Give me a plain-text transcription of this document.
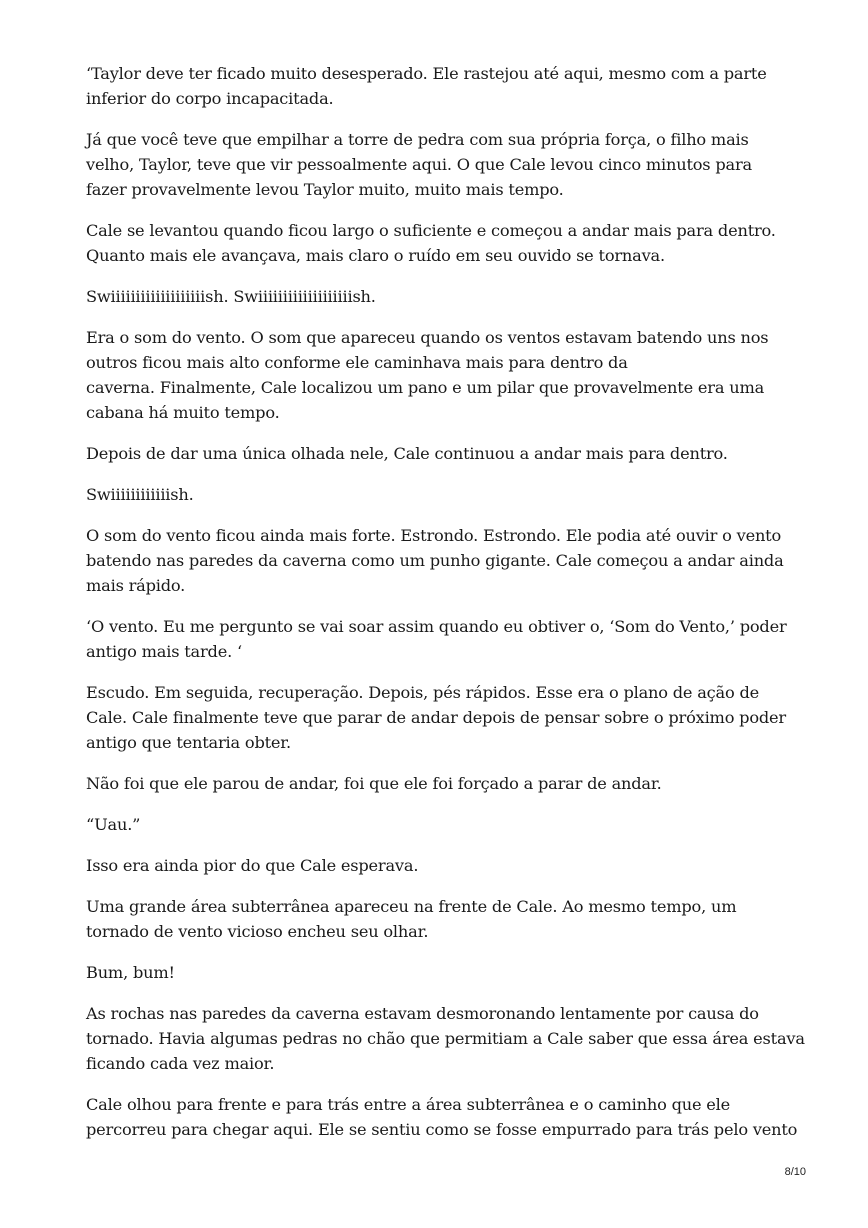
‘Taylor deve ter ficado muito desesperado. Ele rastejou até aqui, mesmo com a parte
inferior do corpo incapacitada.

Já que você teve que empilhar a torre de pedra com sua própria força, o filho mais
velho, Taylor, teve que vir pessoalmente aqui. O que Cale levou cinco minutos para
fazer provavelmente levou Taylor muito, muito mais tempo.

Cale se levantou quando ficou largo o suficiente e começou a andar mais para dentro.
Quanto mais ele avançava, mais claro o ruído em seu ouvido se tornava.

Swiiiiiiiiiiiiiiiiiiish. Swiiiiiiiiiiiiiiiiiiish.

Era o som do vento. O som que apareceu quando os ventos estavam batendo uns nos
outros ficou mais alto conforme ele caminhava mais para dentro da
caverna. Finalmente, Cale localizou um pano e um pilar que provavelmente era uma
cabana há muito tempo.

Depois de dar uma única olhada nele, Cale continuou a andar mais para dentro.

Swiiiiiiiiiiiish.

O som do vento ficou ainda mais forte. Estrondo. Estrondo. Ele podia até ouvir o vento
batendo nas paredes da caverna como um punho gigante. Cale começou a andar ainda
mais rápido.

‘O vento. Eu me pergunto se vai soar assim quando eu obtiver o, ‘Som do Vento,’ poder
antigo mais tarde. ‘

Escudo. Em seguida, recuperação. Depois, pés rápidos. Esse era o plano de ação de
Cale. Cale finalmente teve que parar de andar depois de pensar sobre o próximo poder
antigo que tentaria obter.

Não foi que ele parou de andar, foi que ele foi forçado a parar de andar.

“Uau.”

Isso era ainda pior do que Cale esperava.

Uma grande área subterrânea apareceu na frente de Cale. Ao mesmo tempo, um
tornado de vento vicioso encheu seu olhar.

Bum, bum!

As rochas nas paredes da caverna estavam desmoronando lentamente por causa do
tornado. Havia algumas pedras no chão que permitiam a Cale saber que essa área estava
ficando cada vez maior.

Cale olhou para frente e para trás entre a área subterrânea e o caminho que ele
percorreu para chegar aqui. Ele se sentiu como se fosse empurrado para trás pelo vento

8/10
